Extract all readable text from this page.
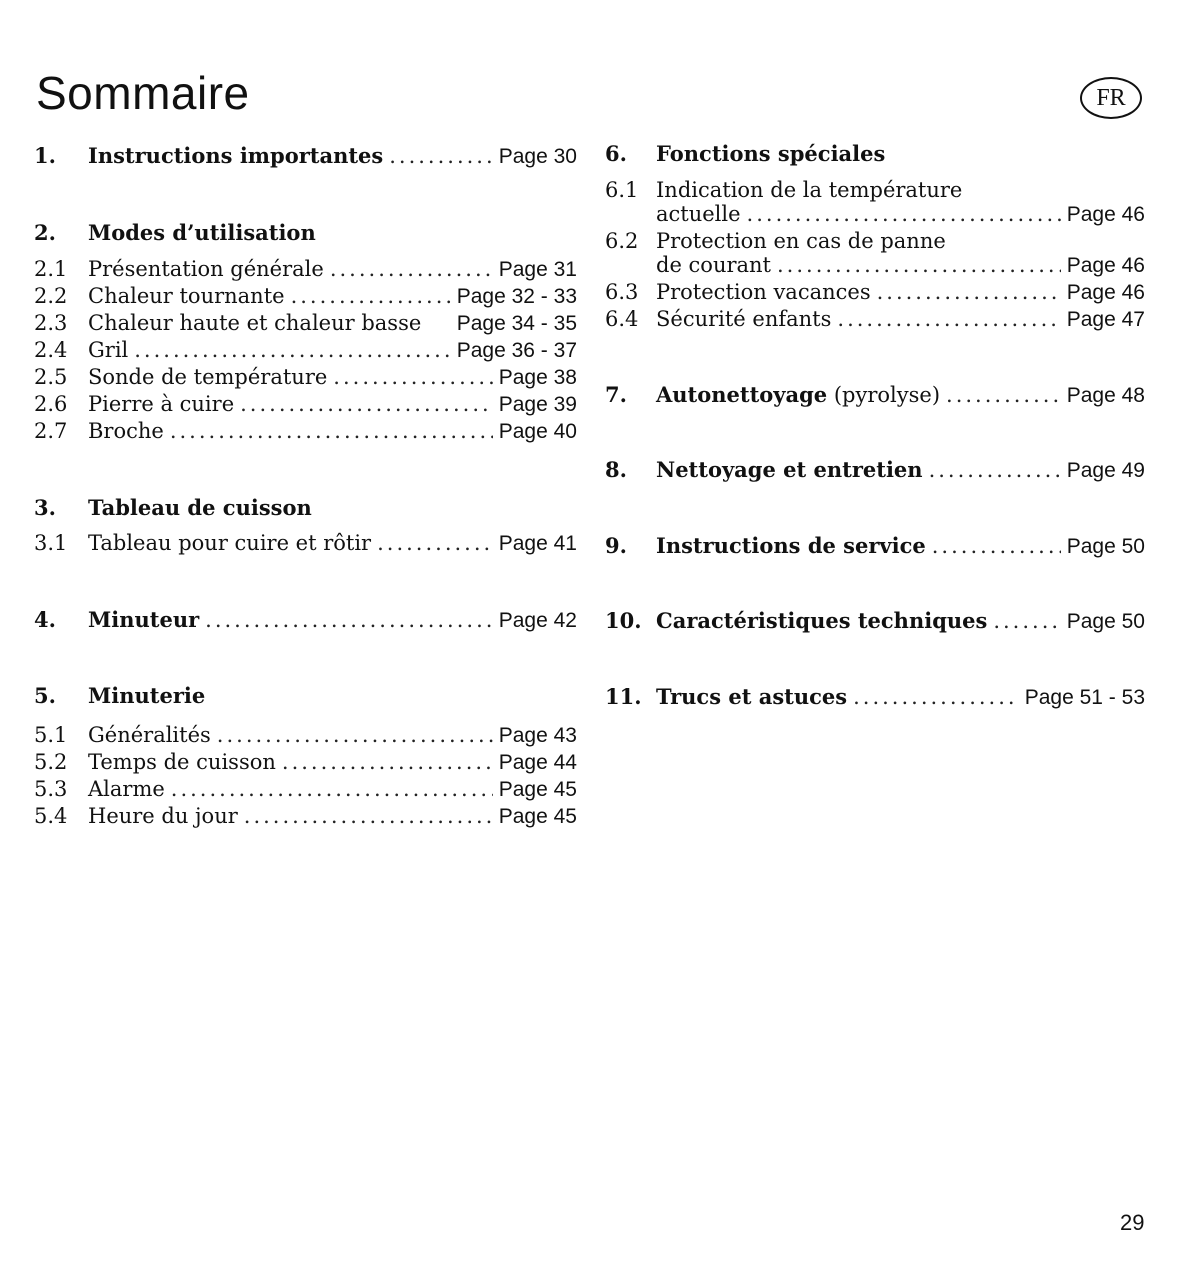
Sommaire	FR
1.	Instructions importantes .....	Page 30
2.	Modes d’utilisation
2.1 Présentation générale .....	Page 31
2.2 Chaleur tournante .....	Page 32 - 33
2.3 Chaleur haute et chaleur basse Page 34 - 35
2.4 Gril .....	Page 36 - 37
2.5 Sonde de température .....	Page 38
2.6 Pierre à cuire .....	Page 39
2.7 Broche .....	Page 40
3.	Tableau de cuisson
3.1 Tableau pour cuire et rôtir .....	Page 41
4.	Minuteur .....	Page 42
5.	Minuterie
5.1 Généralités .....	Page 43
5.2 Temps de cuisson .....	Page 44
5.3 Alarme .....	Page 45
5.4 Heure du jour .....	Page 45
6.	Fonctions spéciales
6.1 Indication de la température
actuelle .....	Page 46
6.2 Protection en cas de panne
de courant .....	Page 46
6.3 Protection vacances .....	Page 46
6.4 Sécurité enfants .....	Page 47
7.	Autonettoyage (pyrolyse) .....	Page 48
8.	Nettoyage et entretien .....	Page 49
9.	Instructions de service .....	Page 50
10. Caractéristiques techniques .....	Page 50
11. Trucs et astuces .....	Page 51 - 53
29
